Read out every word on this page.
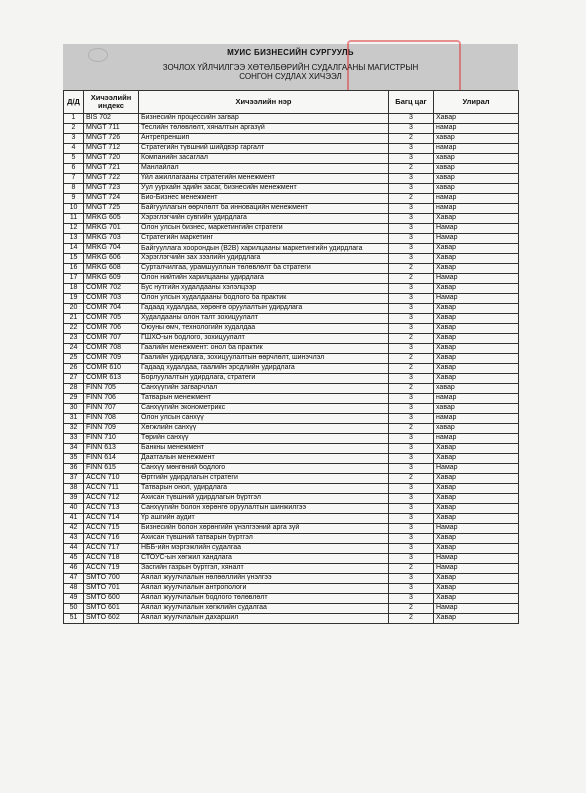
МУИС БИЗНЕСИЙН СУРГУУЛЬ
ЗОЧЛОХ ҮЙЛЧИЛГЭЭ ХӨТӨЛБӨРИЙН СУДАЛГААНЫ МАГИСТРЫН
СОНГОН СУДЛАХ ХИЧЭЭЛ
Д/Д	Хичээлийн индекс	Хичээлийн нэр	Багц цаг	Улирал
1	BIS 702	Бизнесийн процессийн загвар	3	Хавар
2	MNGT 711	Теслийн төлөвлөлт, хяналтын аргазүй	3	намар
3	MNGT 726	Антрепреншип	2	хавар
4	MNGT 712	Стратегийн түвшний шийдвэр гаргалт	3	намар
5	MNGT 720	Компанийн засаглал	3	хавар
6	MNGT 721	Манлайлал	2	хавар
7	MNGT 722	Үйл ажиллагааны стратегийн менежмент	3	хавар
8	MNGT 723	Уул уурхайн эдийн засаг, бизнесийн менежмент	3	хавар
9	MNGT 724	Био-Бизнес менежмент	2	намар
10	MNGT 725	Байгууллагын өөрчлөлт ба инновацийн менежмент	3	намар
11	MRKG 605	Хэрэглэгчийн сувгийн удирдлага	3	Хавар
12	MRKG 701	Олон улсын бизнес, маркетингийн стратеги	3	Намар
13	MRKG 703	Стратегийн маркетинг	3	Намар
14	MRKG 704	Байгууллага хоорондын (B2B) харилцааны маркетингийн удирдлага	3	Хавар
15	MRKG 606	Хэрэглэгчийн зах зээлийн удирдлага	3	Хавар
16	MRKG 608	Сурталчилгаа, урамшууллын төлөвлөлт ба стратеги	2	Хавар
17	MRKG 609	Олон нийтийн харилцааны удирдлага	2	Намар
18	COMR 702	Бус нутгийн худалдааны хэлэлцээр	3	Хавар
19	COMR 703	Олон улсын худалдааны бодлого ба практик	3	Намар
20	COMR 704	Гадаад худалдаа, хөрөнгө оруулалтын удирдлага	3	Хавар
21	COMR 705	Худалдааны олон талт зохицуулалт	3	Хавар
22	COMR 706	Оюуны өмч, технологийн худалдаа	3	Хавар
23	COMR 707	ГШХО-ын бодлого, зохицуулалт	2	Хавар
24	COMR 708	Гаалийн менежмент: онол ба практик	3	Хавар
25	COMR 709	Гаалийн удирдлага, зохицуулалтын өөрчлөлт, шинэчлэл	2	Хавар
26	COMR 610	Гадаад худалдаа, гаалийн эрсдлийн удирдлага	2	Хавар
27	COMR 613	Борлуулалтын удирдлага, стратеги	3	Хавар
28	FINN 705	Санхүүгийн загварчлал	2	хавар
29	FINN 706	Татварын менежмент	3	намар
30	FINN 707	Санхүүгийн эконометрикс	3	хавар
31	FINN 708	Олон улсын санхүү	3	намар
32	FINN 709	Хөгжлийн санхүү	2	хавар
33	FINN 710	Төрийн санхүү	3	намар
34	FINN 613	Банкны менежмент	3	Хавар
35	FINN 614	Даатгалын менежмент	3	Хавар
36	FINN 615	Санхүү мөнгөний бодлого	3	Намар
37	ACCN 710	Өртгийн удирдлагын стратеги	2	Хавар
38	ACCN 711	Татварын онол, удирдлага	3	Хавар
39	ACCN 712	Ахисан түвшний удирдлагын бүртгэл	3	Хавар
40	ACCN 713	Санхүүгийн болон хөрөнгө оруулалтын шинжилгээ	3	Хавар
41	ACCN 714	Үр ашгийн аудит	3	Хавар
42	ACCN 715	Бизнесийн болон хөрөнгийн үнэлгээний арга зүй	3	Намар
43	ACCN 716	Ахисан түвшний татварын бүртгэл	3	Хавар
44	ACCN 717	НББ-ийн мэргэжлийн судалгаа	3	Хавар
45	ACCN 718	СТОУС-ын хөгжил хандлага	3	Намар
46	ACCN 719	Засгийн газрын бүртгэл, хяналт	2	Намар
47	SMTO 700	Аялал жуулчлалын нөлөөллийн үнэлгээ	3	Хавар
48	SMTO 701	Аялал жуулчлалын антропологи	3	Хавар
49	SMTO 600	Аялал жуулчлалын бодлого төлөвлөлт	3	Хавар
50	SMTO 601	Аялал жуулчлалын хөгжлийн судалгаа	2	Намар
51	SMTO 602	Аялал жуулчлалын дахаршил	2	Хавар
